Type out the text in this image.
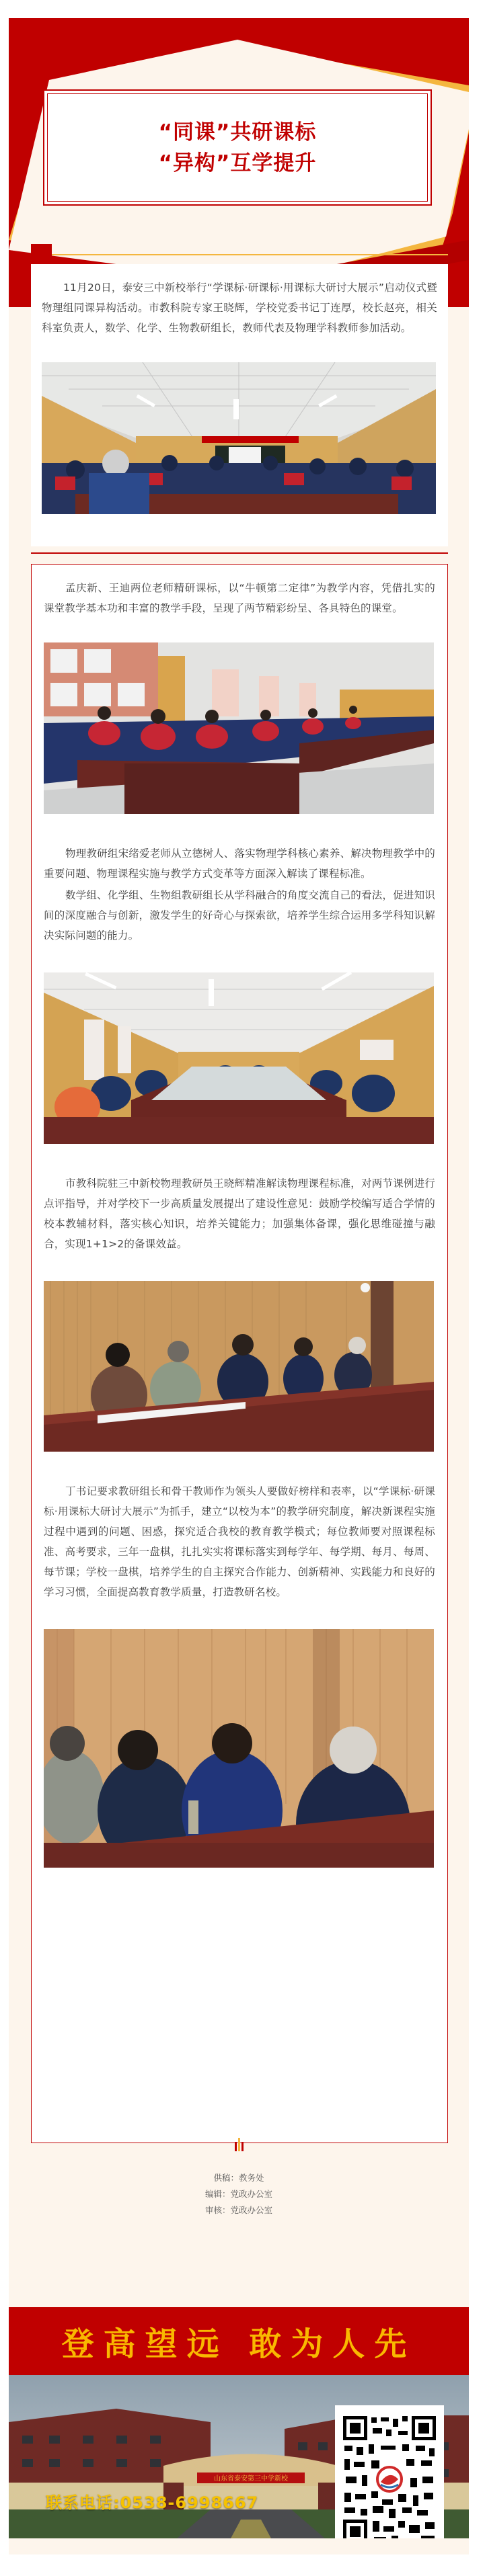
“同课”共研课标
“异构”互学提升

11月20日，泰安三中新校举行“学课标·研课标·用课标大研讨大展示”启动仪式暨物理组同课异构活动。市教科院专家王晓辉，学校党委书记丁连厚，校长赵亮，相关科室负责人，数学、化学、生物教研组长，教师代表及物理学科教师参加活动。

孟庆新、王迪两位老师精研课标，以“牛顿第二定律”为教学内容，凭借扎实的课堂教学基本功和丰富的教学手段，呈现了两节精彩纷呈、各具特色的课堂。

物理教研组宋绪爱老师从立德树人、落实物理学科核心素养、解决物理教学中的重要问题、物理课程实施与教学方式变革等方面深入解读了课程标准。

数学组、化学组、生物组教研组长从学科融合的角度交流自己的看法，促进知识间的深度融合与创新，激发学生的好奇心与探索欲，培养学生综合运用多学科知识解决实际问题的能力。

市教科院驻三中新校物理教研员王晓辉精准解读物理课程标准，对两节课例进行点评指导，并对学校下一步高质量发展提出了建设性意见：鼓励学校编写适合学情的校本教辅材料，落实核心知识，培养关键能力；加强集体备课，强化思维碰撞与融合，实现1+1>2的备课效益。

丁书记要求教研组长和骨干教师作为领头人要做好榜样和表率，以“学课标·研课标·用课标大研讨大展示”为抓手，建立“以校为本”的教学研究制度，解决新课程实施过程中遇到的问题、困惑，探究适合我校的教育教学模式；每位教师要对照课程标准、高考要求，三年一盘棋，扎扎实实将课标落实到每学年、每学期、每月、每周、每节课；学校一盘棋，培养学生的自主探究合作能力、创新精神、实践能力和良好的学习习惯，全面提高教育教学质量，打造教研名校。

供稿：教务处
编辑：党政办公室
审核：党政办公室
登高望远 敢为人先
山东省泰安第三中学新校
联系电话:0538-6998667
